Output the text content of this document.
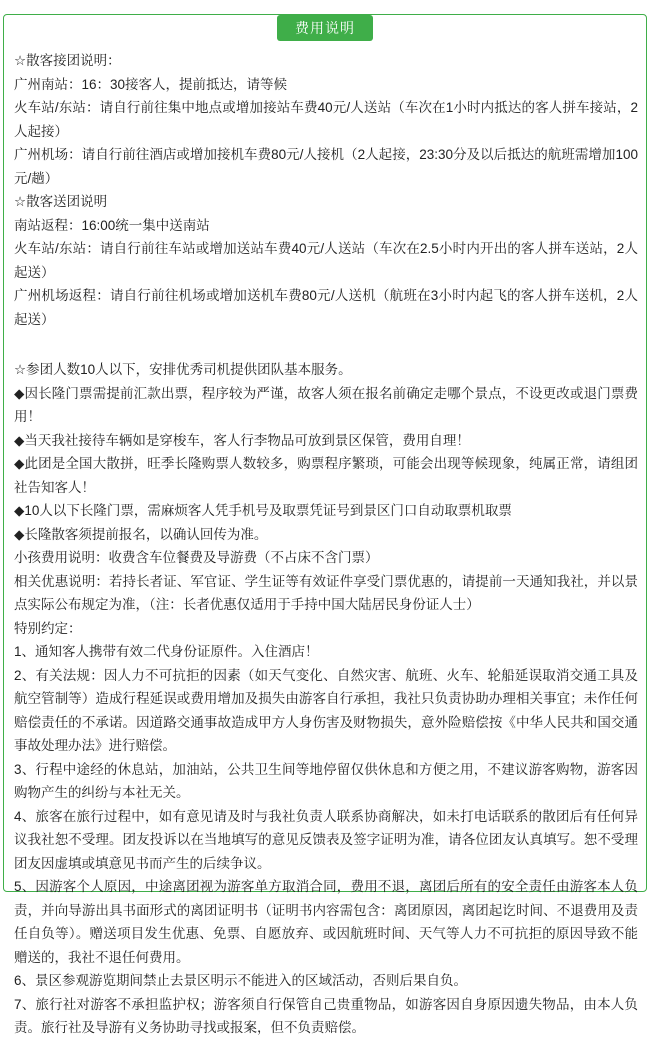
费用说明

☆散客接团说明：

广州南站：16：30接客人，提前抵达，请等候

火车站/东站：请自行前往集中地点或增加接站车费40元/人送站（车次在1小时内抵达的客人拼车接站，2人起接）

广州机场：请自行前往酒店或增加接机车费80元/人接机（2人起接，23:30分及以后抵达的航班需增加100元/趟）

☆散客送团说明

南站返程：16:00统一集中送南站

火车站/东站：请自行前往车站或增加送站车费40元/人送站（车次在2.5小时内开出的客人拼车送站，2人起送）

广州机场返程：请自行前往机场或增加送机车费80元/人送机（航班在3小时内起飞的客人拼车送机，2人起送）

☆参团人数10人以下，安排优秀司机提供团队基本服务。

◆因长隆门票需提前汇款出票，程序较为严谨，故客人须在报名前确定走哪个景点，不设更改或退门票费用！

◆当天我社接待车辆如是穿梭车，客人行李物品可放到景区保管，费用自理！

◆此团是全国大散拼，旺季长隆购票人数较多，购票程序繁琐，可能会出现等候现象，纯属正常，请组团社告知客人！

◆10人以下长隆门票，需麻烦客人凭手机号及取票凭证号到景区门口自动取票机取票

◆长隆散客须提前报名，以确认回传为准。

小孩费用说明：收费含车位餐费及导游费（不占床不含门票）

相关优惠说明：若持长者证、军官证、学生证等有效证件享受门票优惠的，请提前一天通知我社，并以景点实际公布规定为准，（注：长者优惠仅适用于手持中国大陆居民身份证人士）

特别约定：

1、通知客人携带有效二代身份证原件。入住酒店！

2、有关法规：因人力不可抗拒的因素（如天气变化、自然灾害、航班、火车、轮船延误取消交通工具及航空管制等）造成行程延误或费用增加及损失由游客自行承担，我社只负责协助办理相关事宜；未作任何赔偿责任的不承诺。因道路交通事故造成甲方人身伤害及财物损失，意外险赔偿按《中华人民共和国交通事故处理办法》进行赔偿。

3、行程中途经的休息站，加油站，公共卫生间等地停留仅供休息和方便之用，不建议游客购物，游客因购物产生的纠纷与本社无关。

4、旅客在旅行过程中，如有意见请及时与我社负责人联系协商解决，如未打电话联系的散团后有任何异议我社恕不受理。团友投诉以在当地填写的意见反馈表及签字证明为准，请各位团友认真填写。恕不受理团友因虚填或填意见书而产生的后续争议。

5、因游客个人原因，中途离团视为游客单方取消合同，费用不退，离团后所有的安全责任由游客本人负责，并向导游出具书面形式的离团证明书（证明书内容需包含：离团原因，离团起讫时间、不退费用及责任自负等）。赠送项目发生优惠、免票、自愿放弃、或因航班时间、天气等人力不可抗拒的原因导致不能赠送的，我社不退任何费用。

6、景区参观游览期间禁止去景区明示不能进入的区域活动，否则后果自负。

7、旅行社对游客不承担监护权；游客须自行保管自己贵重物品，如游客因自身原因遗失物品，由本人负责。旅行社及导游有义务协助寻找或报案，但不负责赔偿。
